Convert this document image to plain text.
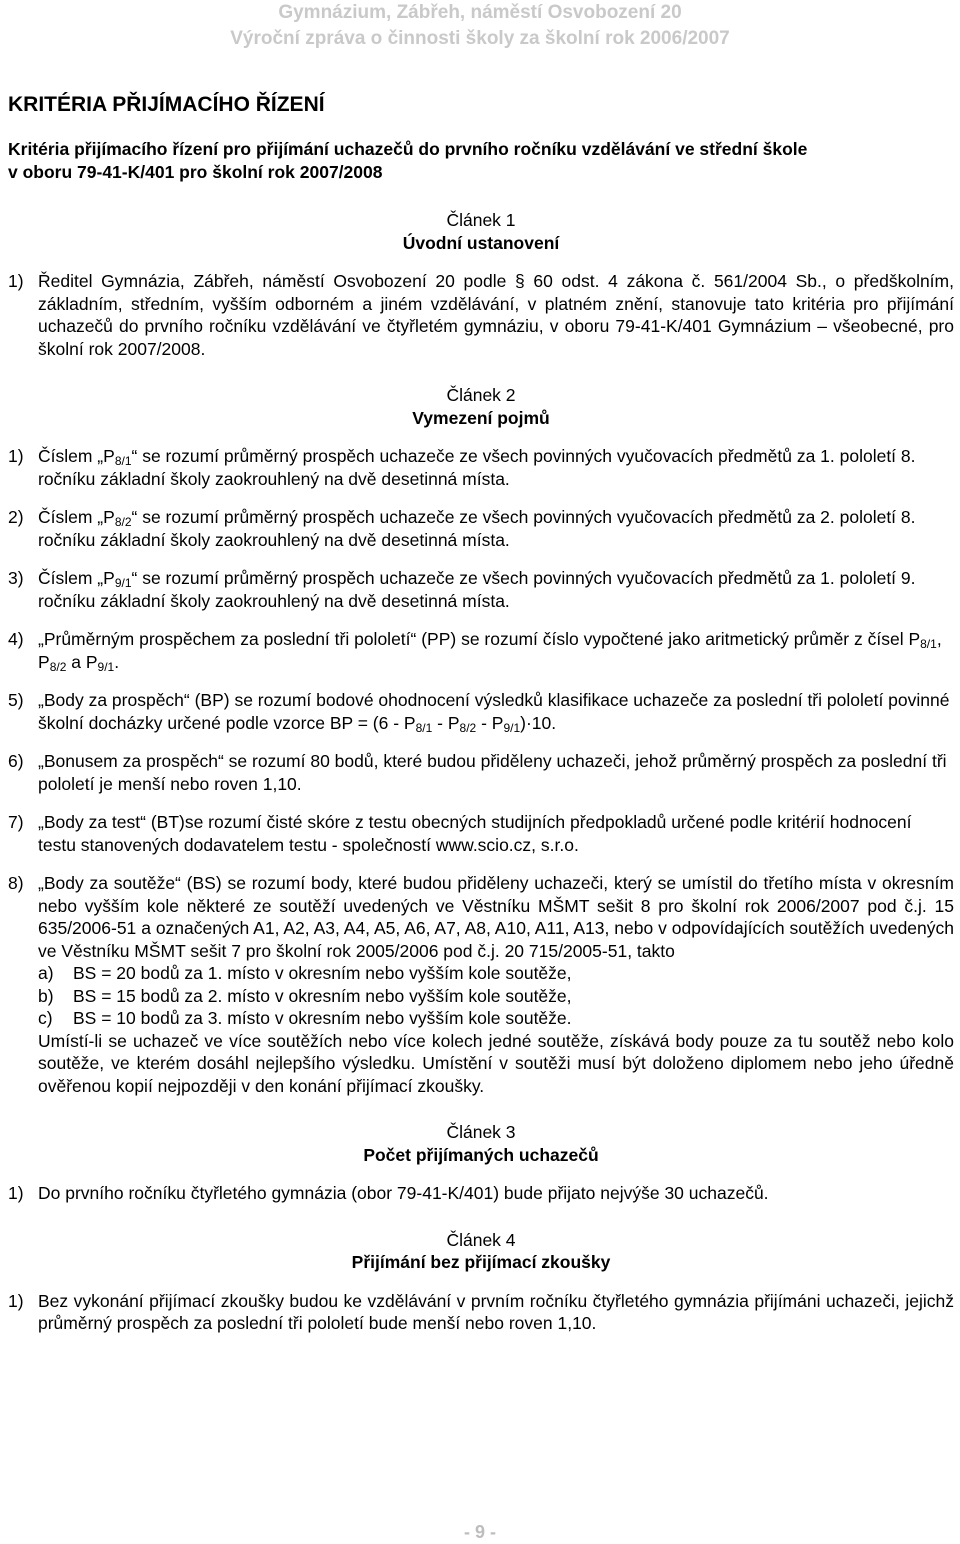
Gymnázium, Zábřeh, náměstí Osvobození 20
Výroční zpráva o činnosti školy za školní rok 2006/2007
KRITÉRIA PŘIJÍMACÍHO ŘÍZENÍ
Kritéria přijímacího řízení pro přijímání uchazečů do prvního ročníku vzdělávání ve střední škole
v oboru 79-41-K/401 pro školní rok 2007/2008
Článek 1
Úvodní ustanovení
1) Ředitel Gymnázia, Zábřeh, náměstí Osvobození 20 podle § 60 odst. 4 zákona č. 561/2004 Sb., o předškolním, základním, středním, vyšším odborném a jiném vzdělávání, v platném znění, stanovuje tato kritéria pro přijímání uchazečů do prvního ročníku vzdělávání ve čtyřletém gymnáziu, v oboru 79-41-K/401 Gymnázium – všeobecné, pro školní rok 2007/2008.
Článek 2
Vymezení pojmů
1) Číslem $„P_{8/1}“$ se rozumí průměrný prospěch uchazeče ze všech povinných vyučovacích předmětů za 1. pololetí 8. ročníku základní školy zaokrouhlený na dvě desetinná místa.
2) Číslem $„P_{8/2}“$ se rozumí průměrný prospěch uchazeče ze všech povinných vyučovacích předmětů za 2. pololetí 8. ročníku základní školy zaokrouhlený na dvě desetinná místa.
3) Číslem $„P_{9/1}“$ se rozumí průměrný prospěch uchazeče ze všech povinných vyučovacích předmětů za 1. pololetí 9. ročníku základní školy zaokrouhlený na dvě desetinná místa.
4) „Průměrným prospěchem za poslední tři pololetí“ (PP) se rozumí číslo vypočtené jako aritmetický průměr z čísel $P_{8/1}$, $P_{8/2}$ a $P_{9/1}$.
5) „Body za prospěch“ (BP) se rozumí bodové ohodnocení výsledků klasifikace uchazeče za poslední tři pololetí povinné školní docházky určené podle vzorce BP = $(6 - P_{8/1} - P_{8/2} - P_{9/1})\cdot 10$.
6) „Bonusem za prospěch“ se rozumí 80 bodů, které budou přiděleny uchazeči, jehož průměrný prospěch za poslední tři pololetí je menší nebo roven 1,10.
7) „Body za test“ (BT)se rozumí čisté skóre z testu obecných studijních předpokladů určené podle kritérií hodnocení testu stanovených dodavatelem testu - společností www.scio.cz, s.r.o.
8) „Body za soutěže“ (BS) se rozumí body, které budou přiděleny uchazeči, který se umístil do třetího místa v okresním nebo vyšším kole některé ze soutěží uvedených ve Věstníku MŠMT sešit 8 pro školní rok 2006/2007 pod č.j. 15 635/2006-51 a označených A1, A2, A3, A4, A5, A6, A7, A8, A10, A11, A13, nebo v odpovídajících soutěžích uvedených ve Věstníku MŠMT sešit 7 pro školní rok 2005/2006 pod č.j. 20 715/2005-51, takto
a) BS = 20 bodů za 1. místo v okresním nebo vyšším kole soutěže,
b) BS = 15 bodů za 2. místo v okresním nebo vyšším kole soutěže,
c) BS = 10 bodů za 3. místo v okresním nebo vyšším kole soutěže.
Umístí-li se uchazeč ve více soutěžích nebo více kolech jedné soutěže, získává body pouze za tu soutěž nebo kolo soutěže, ve kterém dosáhl nejlepšího výsledku. Umístění v soutěži musí být doloženo diplomem nebo jeho úředně ověřenou kopií nejpozději v den konání přijímací zkoušky.
Článek 3
Počet přijímaných uchazečů
1) Do prvního ročníku čtyřletého gymnázia (obor 79-41-K/401) bude přijato nejvýše 30 uchazečů.
Článek 4
Přijímání bez přijímací zkoušky
1) Bez vykonání přijímací zkoušky budou ke vzdělávání v prvním ročníku čtyřletého gymnázia přijímáni uchazeči, jejichž průměrný prospěch za poslední tři pololetí bude menší nebo roven 1,10.
- 9 -
